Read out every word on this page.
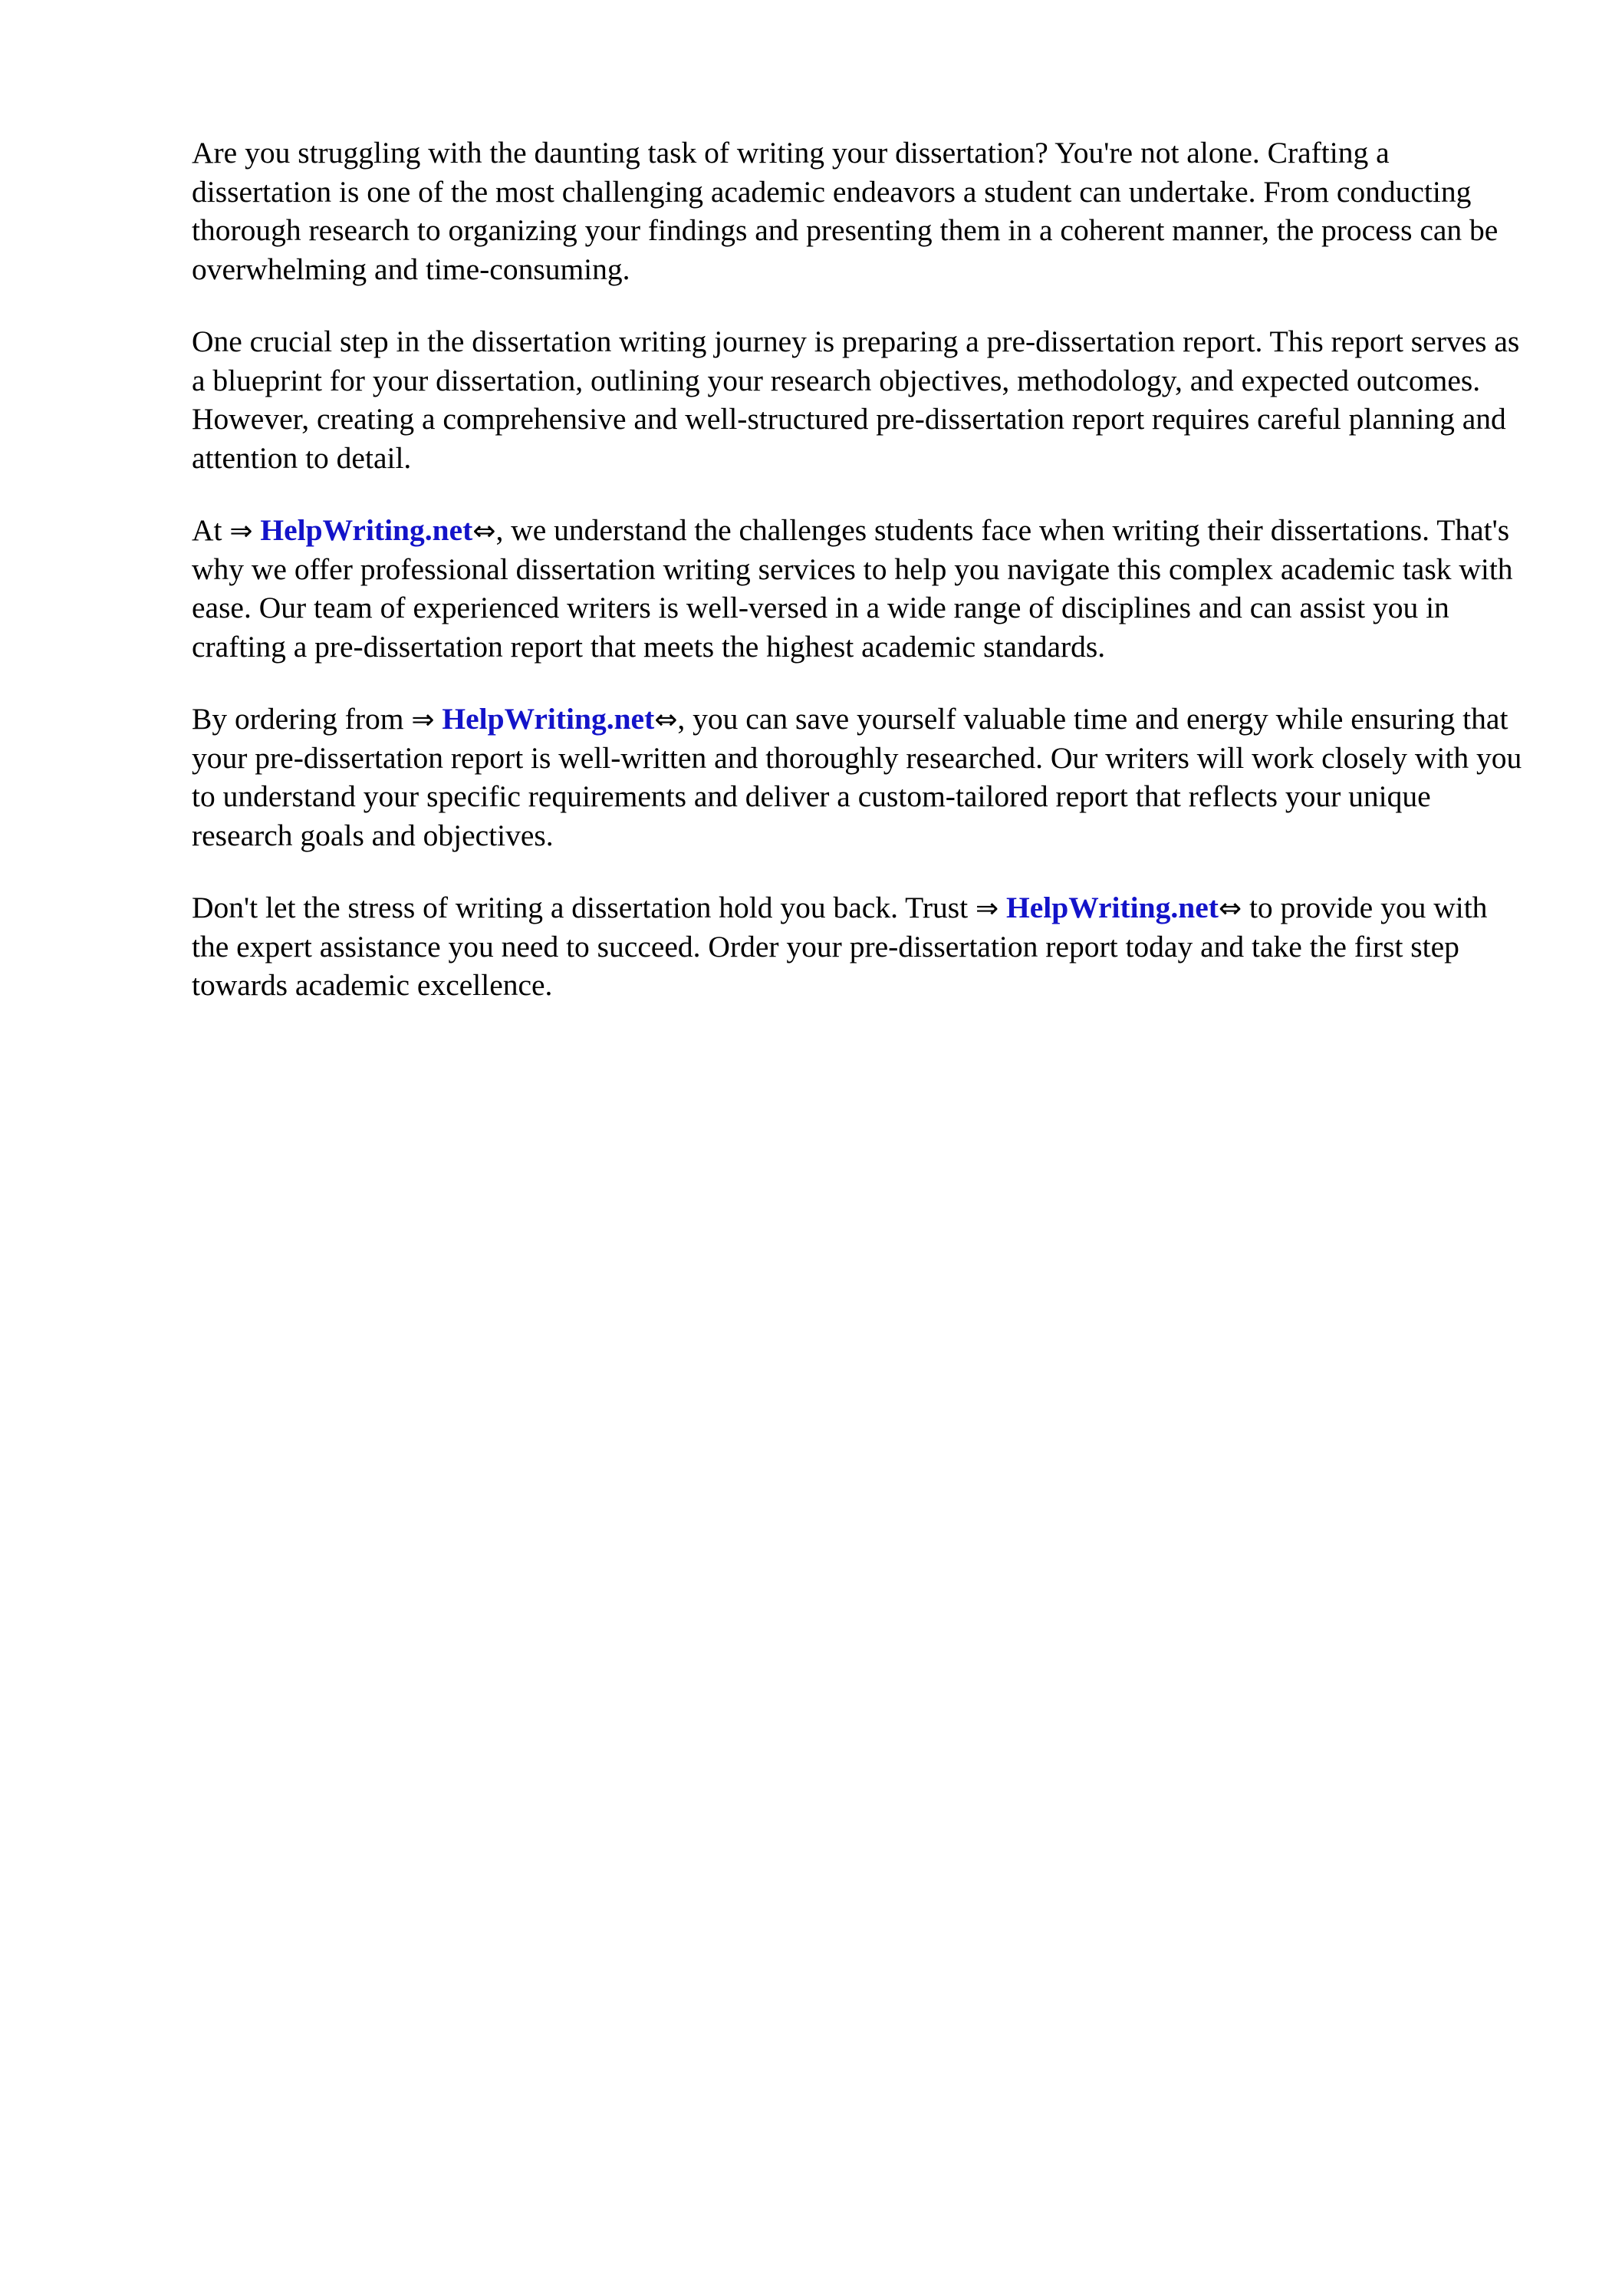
Are you struggling with the daunting task of writing your dissertation? You're not alone. Crafting a dissertation is one of the most challenging academic endeavors a student can undertake. From conducting thorough research to organizing your findings and presenting them in a coherent manner, the process can be overwhelming and time-consuming.

One crucial step in the dissertation writing journey is preparing a pre-dissertation report. This report serves as a blueprint for your dissertation, outlining your research objectives, methodology, and expected outcomes. However, creating a comprehensive and well-structured pre-dissertation report requires careful planning and attention to detail.

At ⇒ HelpWriting.net⇔, we understand the challenges students face when writing their dissertations. That's why we offer professional dissertation writing services to help you navigate this complex academic task with ease. Our team of experienced writers is well-versed in a wide range of disciplines and can assist you in crafting a pre-dissertation report that meets the highest academic standards.

By ordering from ⇒ HelpWriting.net⇔, you can save yourself valuable time and energy while ensuring that your pre-dissertation report is well-written and thoroughly researched. Our writers will work closely with you to understand your specific requirements and deliver a custom-tailored report that reflects your unique research goals and objectives.

Don't let the stress of writing a dissertation hold you back. Trust ⇒ HelpWriting.net⇔ to provide you with the expert assistance you need to succeed. Order your pre-dissertation report today and take the first step towards academic excellence.
